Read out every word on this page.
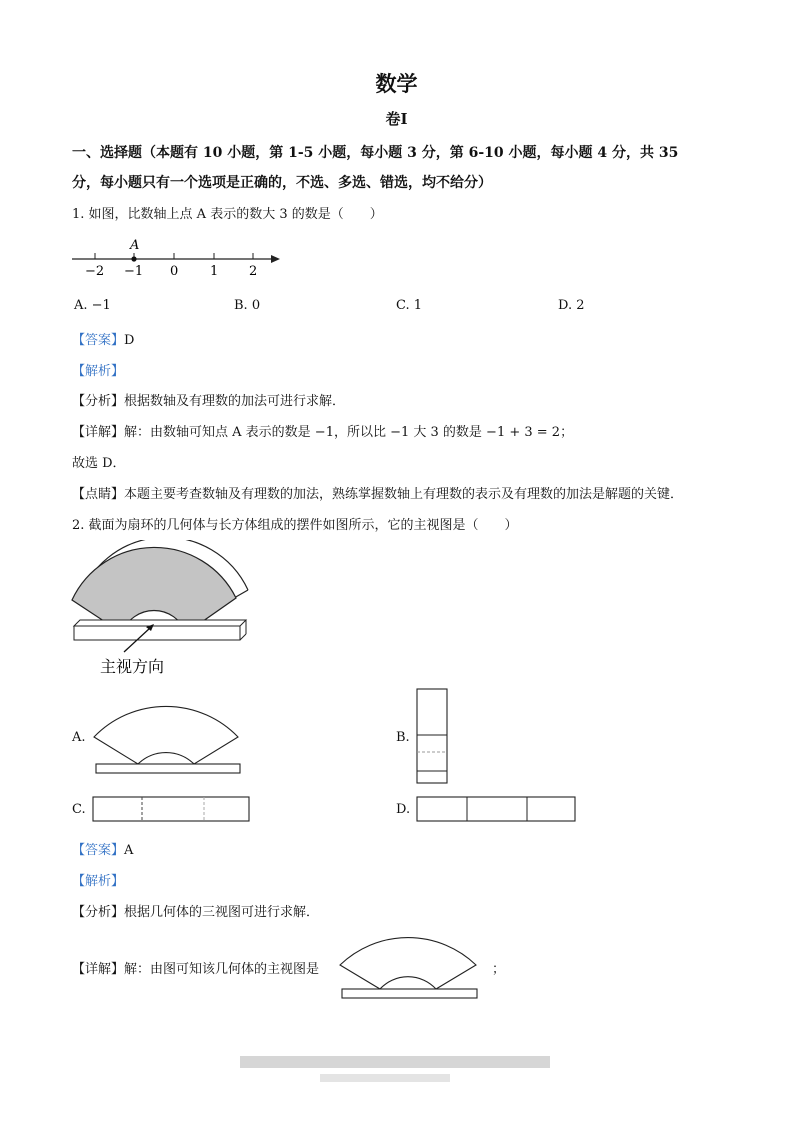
数学
卷Ⅰ
一、选择题（本题有 10 小题，第 1-5 小题，每小题 3 分，第 6-10 小题，每小题 4 分，共 35
分，每小题只有一个选项是正确的，不选、多选、错选，均不给分）
1. 如图，比数轴上点 A 表示的数大 3 的数是（　　）
A
−2 −1 0 1 2
A. −1	B. 0	C. 1	D. 2
【答案】D
【解析】
【分析】根据数轴及有理数的加法可进行求解．
【详解】解：由数轴可知点 A 表示的数是 −1，所以比 −1 大 3 的数是 −1 + 3 = 2；
故选 D．
【点睛】本题主要考查数轴及有理数的加法，熟练掌握数轴上有理数的表示及有理数的加法是解题的关键．
2. 截面为扇环的几何体与长方体组成的摆件如图所示，它的主视图是（　　）
主视方向
A.	B.
C.	D.
【答案】A
【解析】
【分析】根据几何体的三视图可进行求解．
【详解】解：由图可知该几何体的主视图是	；
